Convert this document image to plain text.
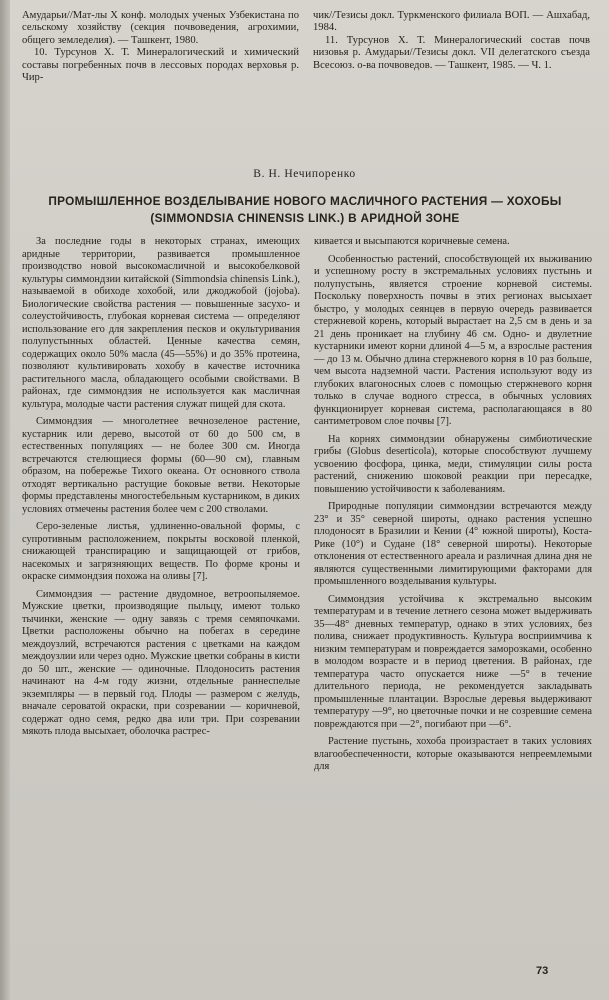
Амударьи//Мат-лы X конф. молодых ученых Узбекистана по сельскому хозяйству (секция почвоведения, агрохимии, общего земледелия). — Ташкент, 1980.

10. Турсунов Х. Т. Минералогический и химический составы погребенных почв в лессовых породах верховья р. Чир-

чик//Тезисы докл. Туркменского филиала ВОП. — Ашхабад, 1984.

11. Турсунов Х. Т. Минералогический состав почв низовья р. Амударьи//Тезисы докл. VII делегатского съезда Всесоюз. о-ва почвоведов. — Ташкент, 1985. — Ч. 1.

В. Н. Нечипоренко
ПРОМЫШЛЕННОЕ ВОЗДЕЛЫВАНИЕ НОВОГО МАСЛИЧНОГО РАСТЕНИЯ — ХОХОБЫ (SIMMONDSIA CHINENSIS LINK.) В АРИДНОЙ ЗОНЕ

За последние годы в некоторых странах, имеющих аридные территории, развивается промышленное производство новой высокомасличной и высокобелковой культуры симмондзии китайской (Simmondsia chinensis Link.), называемой в обиходе хохобой, или джоджобой (jojoba). Биологические свойства растения — повышенные засухо- и солеустойчивость, глубокая корневая система — определяют использование его для закрепления песков и окультуривания полупустынных областей. Ценные качества семян, содержащих около 50% масла (45—55%) и до 35% протеина, позволяют культивировать хохобу в качестве источника растительного масла, обладающего особыми свойствами. В районах, где симмондзия не используется как масличная культура, молодые части растения служат пищей для скота.

Симмондзия — многолетнее вечнозеленое растение, кустарник или дерево, высотой от 60 до 500 см, в естественных популяциях — не более 300 см. Иногда встречаются стелющиеся формы (60—90 см), главным образом, на побережье Тихого океана. От основного ствола отходят вертикально растущие боковые ветви. Некоторые формы представлены многостебельным кустарником, в диких условиях отмечены растения более чем с 200 стволами.

Серо-зеленые листья, удлиненно-овальной формы, с супротивным расположением, покрыты восковой пленкой, снижающей транспирацию и защищающей от грибов, насекомых и загрязняющих веществ. По форме кроны и окраске симмондзия похожа на оливы [7].

Симмондзия — растение двудомное, ветроопыляемое. Мужские цветки, производящие пыльцу, имеют только тычинки, женские — одну завязь с тремя семяпочками. Цветки расположены обычно на побегах в середине междоузлий, встречаются растения с цветками на каждом междоузлии или через одно. Мужские цветки собраны в кисти до 50 шт., женские — одиночные. Плодоносить растения начинают на 4-м году жизни, отдельные раннеспелые экземпляры — в первый год. Плоды — размером с желудь, вначале сероватой окраски, при созревании — коричневой, содержат одно семя, редко два или три. При созревании мякоть плода высыхает, оболочка растрес-

кивается и высыпаются коричневые семена.

Особенностью растений, способствующей их выживанию и успешному росту в экстремальных условиях пустынь и полупустынь, является строение корневой системы. Поскольку поверхность почвы в этих регионах высыхает быстро, у молодых сеянцев в первую очередь развивается стержневой корень, который вырастает на 2,5 см в день и за 21 день проникает на глубину 46 см. Одно- и двулетние кустарники имеют корни длиной 4—5 м, а взрослые растения — до 13 м. Обычно длина стержневого корня в 10 раз больше, чем высота надземной части. Растения используют воду из глубоких влагоносных слоев с помощью стержневого корня только в случае водного стресса, в обычных условиях функционирует корневая система, располагающаяся в 80 сантиметровом слое почвы [7].

На корнях симмондзии обнаружены симбиотические грибы (Globus deserticola), которые способствуют лучшему усвоению фосфора, цинка, меди, стимуляции силы роста растений, снижению шоковой реакции при пересадке, повышению устойчивости к заболеваниям.

Природные популяции симмондзии встречаются между 23° и 35° северной широты, однако растения успешно плодоносят в Бразилии и Кении (4° южной широты), Коста-Рике (10°) и Судане (18° северной широты). Некоторые отклонения от естественного ареала и различная длина дня не являются существенными лимитирующими факторами для промышленного возделывания культуры.

Симмондзия устойчива к экстремально высоким температурам и в течение летнего сезона может выдерживать 35—48° дневных температур, однако в этих условиях, без полива, снижает продуктивность. Культура восприимчива к низким температурам и повреждается заморозками, особенно в молодом возрасте и в период цветения. В районах, где температура часто опускается ниже —5° в течение длительного периода, не рекомендуется закладывать промышленные плантации. Взрослые деревья выдерживают температуру —9°, но цветочные почки и не созревшие семена повреждаются при —2°, погибают при —6°.

Растение пустынь, хохоба произрастает в таких условиях влагообеспеченности, которые оказываются непреемлемыми для

73
